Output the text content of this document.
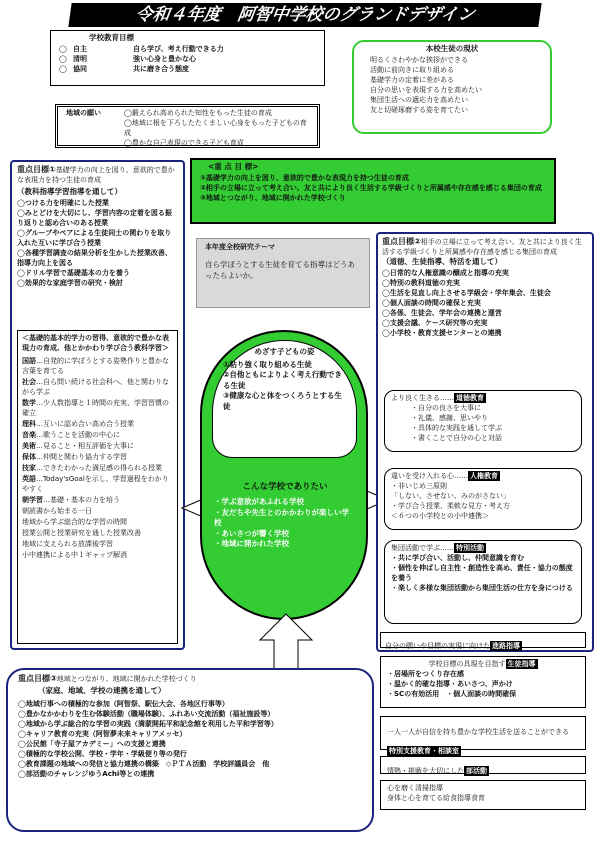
令和４年度　阿智中学校のグランドデザイン
学校教育目標
◯ 自主	自ら学び、考え行動できる力
◯ 清明	強い心身と豊かな心
◯ 協同	共に磨き合う態度
本校生徒の現状
明るくさわやかな挨拶ができる
活動に前向きに取り組める
基礎学力の定着に差がある
自分の思いを表現する力を高めたい
集団生活への適応力を高めたい
友と切磋琢磨する姿を育てたい
地域の願い	◯鍛えられ高められた知性をもった生徒の育成
◯地域に根を下ろしたたくましい心身をもった子どもの育成
◯豊かな自己表現のできる子ども育成
<重 点 目 標>
①基礎学力の向上を図り、意欲的で豊かな表現力を持つ生徒の育成
②相手の立場に立って考え合い、友と共により良く生活する学級づくりと所属感や存在感を感じる集団の育成
③地域とつながり、地域に開かれた学校づくり
重点目標①基礎学力の向上を図り、意欲的で豊かな表現力を持つ生徒の育成
（教科指導学習指導を通して）
◯つける力を明確にした授業
◯みとどけを大切にし、学習内容の定着を図る振り返りと認め合いのある授業
◯グループやペアによる生徒同士の関わりを取り入れた互いに学び合う授業
◯各種学習調査の結果分析を生かした授業改善、指導力向上を図る
◯ドリル学習で基礎基本の力を養う
◯効果的な家庭学習の研究・検討
＜基礎的基本的学力の習得、意欲的で豊かな表現力の育成、他とかかわり学び合う教科学習＞
国語…自発的に学ぼうとする姿勢作りと豊かな言葉を育てる
社会…自ら問い続ける社会科へ、他と関わりながら学ぶ
数学…少人数指導と１時間の充実、学習習慣の確立
理科…互いに認め合い高め合う授業
音楽…歌うことを活動の中心に
美術…見ること・相互評価を大事に
保体…仲間と関わり協力する学習
技家…できたわかった満足感の得られる授業
英語…Today'sGoalを示し、学習過程をわかりやすく
朝学習…基礎・基本の力を培う
朝読書から始まる一日
地域から学ぶ総合的な学習の時間
授業公開と授業研究を通した授業改善
地域に支えられる放課後学習
小中連携による中１ギャップ解消
本年度全校研究テーマ
自ら学ぼうとする生徒を育てる指導はどうあったらよいか。
めざす子どもの姿
①粘り強く取り組める生徒
②自他ともによりよく考え行動できる生徒
③健康な心と体をつくろうとする生徒
こんな学校でありたい
・学ぶ意欲があふれる学校
・友だちや先生とのかかわりが楽しい学校
・あいさつが響く学校
・地域に開かれた学校
重点目標②相手の立場に立って考え合い、友と共により良く生活する学級づくりと所属感や存在感を感じる集団の育成
（道徳、生徒指導、特活を通して）
◯日常的な人権意識の醸成と指導の充実
◯特別の教科道徳の充実
◯生活を見直し向上させる学級会・学年集会、生徒会
◯個人面談の時間の確保と充実
◯各係、生徒会、学年会の連携と運営
◯支援会議、ケース研究等の充実
◯小学校・教育支援センターとの連携
より良く生きる…… 道徳教育
・自分の良さを大事に
・礼儀、感謝、思いやり
・具体的な実践を通して学ぶ
・書くことで自分の心と対話
違いを受け入れる心…… 人権教育
・非いじめ三原則
「しない、させない、みのがさない」
・学び合う授業、柔軟な見方・考え方
＜６つの小学校との小中連携＞
集団活動で学ぶ…… 特別活動
・共に学び合い、活動し、仲間意識を育む
・個性を伸ばし自主性・創造性を高め、責任・協力の態度を養う
・楽しく多様な集団活動から集団生活の仕方を身につける
自分の願いや目標の実現に向けた 進路指導
学校目標の具現を目指す 生徒指導
・居場所をつくり存在感
・温かく的確な指導・あいさつ、声かけ
・SCの有効活用　・個人面談の時間確保
一人一人が自信を持ち豊かな学校生活を送ることができる特別支援教育・相談室
情熱・挑戦を大切にした 部活動
心を磨く清掃指導
身体と心を育てる給食指導食育
重点目標③地域とつながり、地域に開かれた学校づくり
（家庭、地域、学校の連携を通して）
◯地域行事への積極的な参加（阿智祭、駅伝大会、各地区行事等）
◯豊かなかかわりを生む体験活動（職場体験）、ふれあい交流活動（福祉施設等）
◯地域から学ぶ総合的な学習の実践（満蒙開拓平和記念館を利用した平和学習等）
◯キャリア教育の充実（阿智夢未来キャリアメッセ）
◯公民館「寺子屋アカデミー」への支援と連携
◯積極的な学校公開、学校・学年・学級便り等の発行
◯教育課題の地域への発信と協力連携の構築　◇ＰＴＡ活動　学校評議員会　他
◯部活動のチャレンジゆうAchi等との連携
